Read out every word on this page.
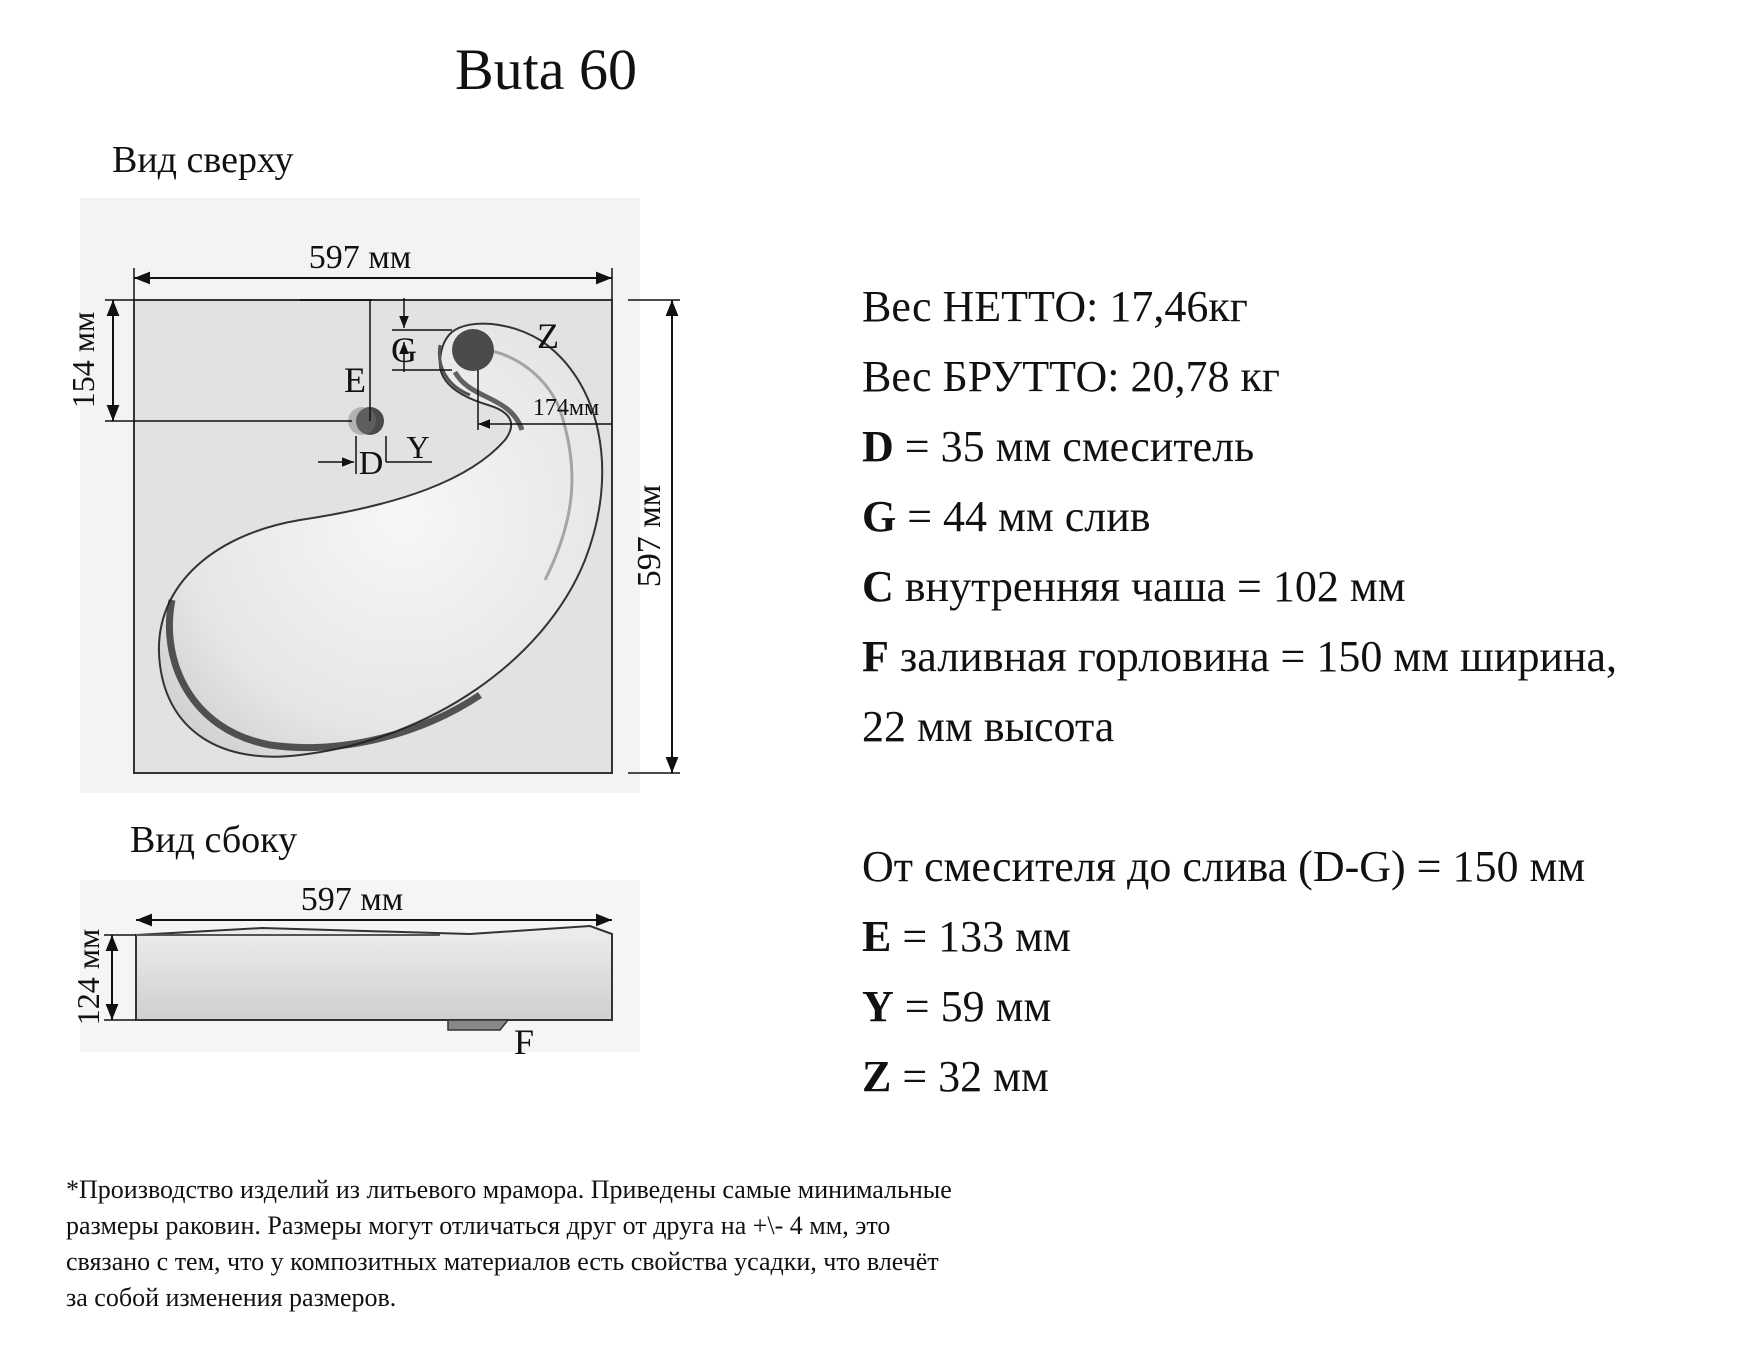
Buta 60
Вид сверху
Вид сбоку
597 мм
597 мм
154 мм	E
G	Z
174мм
D Y
597 мм
124 мм
F
Вес НЕТТО: 17,46кг
Вес БРУТТО: 20,78 кг
D = 35 мм смеситель
G = 44 мм слив
C внутренняя чаша = 102 мм
F заливная горловина = 150 мм ширина,
22 мм высота
От смесителя до слива (D-G) = 150 мм
E = 133 мм
Y = 59 мм
Z = 32 мм
*Производство изделий из литьевого мрамора. Приведены самые минимальные
размеры раковин. Размеры могут отличаться друг от друга на +\- 4 мм, это
связано с тем, что у композитных материалов есть свойства усадки, что влечёт
за собой изменения размеров.
